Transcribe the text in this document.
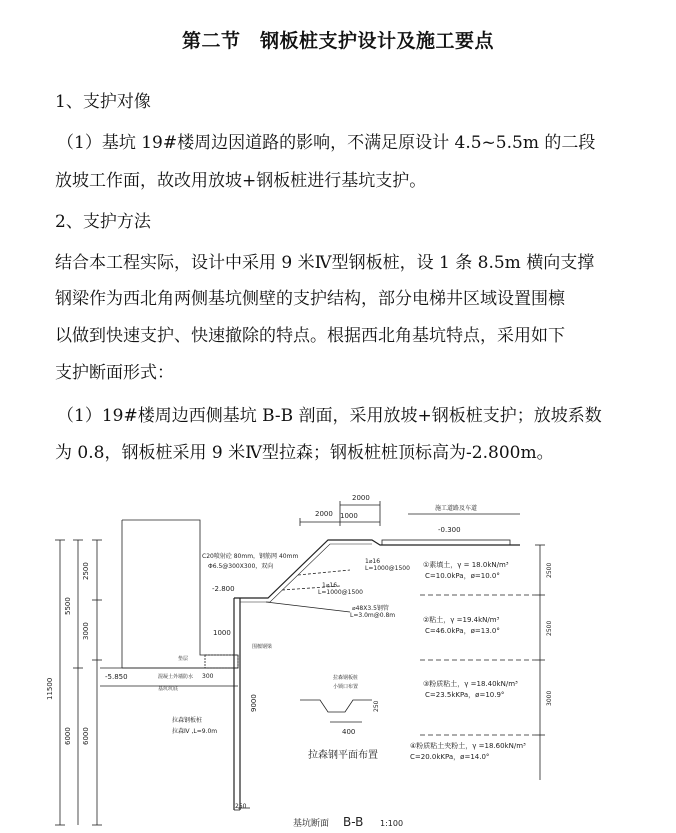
第二节　钢板桩支护设计及施工要点
1、支护对像
（1）基坑 19#楼周边因道路的影响，不满足原设计 4.5~5.5m 的二段
放坡工作面，故改用放坡+钢板桩进行基坑支护。
2、支护方法
结合本工程实际，设计中采用 9 米Ⅳ型钢板桩，设 1 条 8.5m 横向支撑
钢梁作为西北角两侧基坑侧壁的支护结构，部分电梯井区域设置围檩
以做到快速支护、快速撤除的特点。根据西北角基坑特点，采用如下
支护断面形式：
（1）19#楼周边西侧基坑 B-B 剖面，采用放坡+钢板桩支护；放坡系数
为 0.8，钢板桩采用 9 米Ⅳ型拉森；钢板桩桩顶标高为-2.800m。
2000
2000
1000
1000
施工道路及车道
-0.300
-2.800
-5.850
C20喷射砼 80mm，钢筋网 40mm
Φ6.5@300X300，双向
1⌀16
L=1000@1500
1⌀16
L=1000@1500
⌀48X3.5钢管
L=3.0m@0.8m
2500
5500
3000
11500
6000 6000
9000
250
垫层
混凝土外墙防水
基坑坑底
300
拉森钢板桩
拉森Ⅳ ,L=9.0m
围檩钢梁
拉森钢板桩
小锁口布置
400
250
拉森钢平面布置
①素填土，γ = 18.0kN/m³
C=10.0kPa，ø=10.0°
②粘土，γ =19.4kN/m³
C=46.0kPa，ø=13.0°
③粉质粘土，γ =18.40kN/m³
C=23.5kKPa，ø=10.9°
④粉质粘土夹粉土，γ =18.60kN/m³
C=20.0kKPa，ø=14.0°
2500
2500
3000
基坑断面 B-B 1:100
